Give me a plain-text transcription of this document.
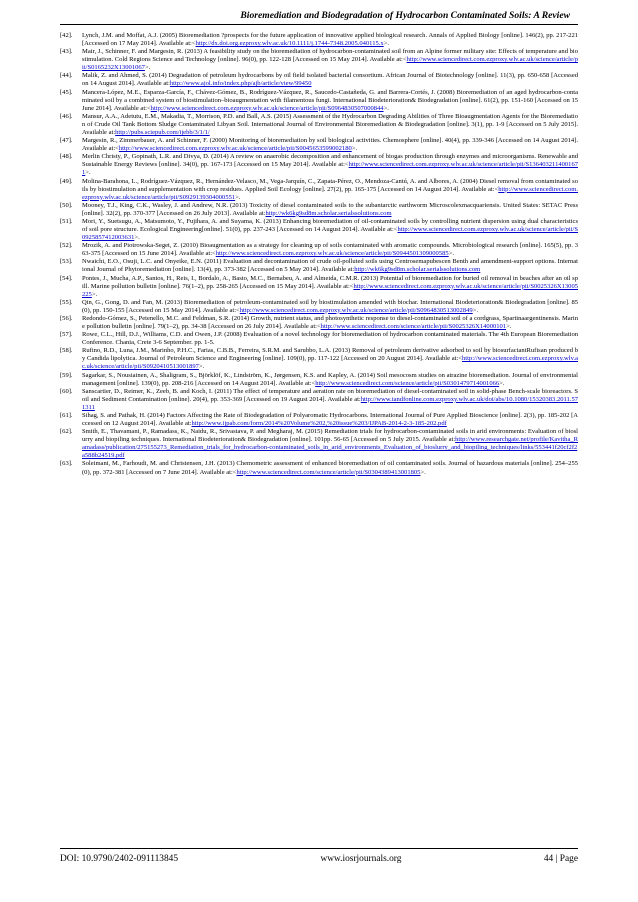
Bioremediation and Biodegradation of Hydrocarbon Contaminated Soils: A Review
[42].	Lynch, J.M. and Moffat, A.J. (2005) Bioremediation ?prospects for the future application of innovative applied biological research. Annals of Applied Biology [online]. 146(2), pp. 217-221 [Accessed on 17 May 2014]. Available at:<http://dx.doi.org.ezproxy.wlv.ac.uk/10.1111/j.1744-7348.2005.040115.x>.
[43].	Mair, J., Schinner, F. and Margesin, R. (2013) A feasibility study on the bioremediation of hydrocarbon-contaminated soil from an Alpine former military site: Effects of temperature and biostimulation. Cold Regions Science and Technology [online]. 96(0), pp. 122-128 [Accessed on 15 May 2014]. Available at:<http://www.sciencedirect.com.ezproxy.wlv.ac.uk/science/article/pii/S0165232X13001067>.
[44].	Malik, Z. and Ahmed, S. (2014) Degradation of petroleum hydrocarbons by oil field isolated bacterial consortium. African Journal of Biotechnology [online]. 11(3), pp. 650-658 [Accessed on 14 August 2014]. Available at:http://www.ajol.info/index.php/ajb/article/view/99450
[45].	Mancera-López, M.E., Esparza-García, F., Chávez-Gómez, B., Rodríguez-Vázquez, R., Saucedo-Castañeda, G. and Barrera-Cortés, J. (2008) Bioremediation of an aged hydrocarbon-contaminated soil by a combined system of biostimulation–bioaugmentation with filamentous fungi. International Biodeterioration& Biodegradation [online]. 61(2), pp. 151-160 [Accessed on 15 June 2014]. Available at:<http://www.sciencedirect.com.ezproxy.wlv.ac.uk/science/article/pii/S0964830507000844>.
[46].	Mansur, A.A., Adetutu, E.M., Makadia, T., Morrison, P.D. and Ball, A.S. (2015) Assessment of the Hydrocarbon Degrading Abilities of Three Bioaugmentation Agents for the Bioremediation of Crude Oil Tank Bottom Sludge Contaminated Libyan Soil. International Journal of Environmental Bioremediation & Biodegradation [online]. 3(1), pp. 1-9 [Accessed on 5 July 2015]. Available at:http://pubs.sciepub.com/ijebb/3/1/1/
[47].	Margesin, R., Zimmerbauer, A. and Schinner, F. (2000) Monitoring of bioremediation by soil biological activities. Chemosphere [online]. 40(4), pp. 339-346 [Accessed on 14 August 2014]. Available at:<http://www.sciencedirect.com.ezproxy.wlv.ac.uk/science/article/pii/S0045653599002180>.
[48].	Merlin Christy, P., Gopinath, L.R. and Divya, D. (2014) A review on anaerobic decomposition and enhancement of biogas production through enzymes and microorganisms. Renewable and Sustainable Energy Reviews [online]. 34(0), pp. 167-173 [Accessed on 15 May 2014]. Available at:<http://www.sciencedirect.com.ezproxy.wlv.ac.uk/science/article/pii/S1364032114001671>.
[49].	Molina-Barahona, L., Rodríguez-Vázquez, R., Hernández-Velasco, M., Vega-Jarquín, C., Zapata-Pérez, O., Mendoza-Cantú, A. and Albores, A. (2004) Diesel removal from contaminated soils by biostimulation and supplementation with crop residues. Applied Soil Ecology [online]. 27(2), pp. 165-175 [Accessed on 14 August 2014]. Available at:<http://www.sciencedirect.com.ezproxy.wlv.ac.uk/science/article/pii/S0929139304000551>.
[50].	Mooney, T.J., King, C.K., Wasley, J. and Andrew, N.R. (2013) Toxicity of diesel contaminated soils to the subantarctic earthworm Microscolexmacquariensis. United States: SETAC Press [online]. 32(2), pp. 370-377 [Accessed on 26 July 2013]. Available at:http://wk6kg9sd8m.scholar.serialssolutions.com
[51].	Mori, Y., Suetsugu, A., Matsumoto, Y., Fujihara, A. and Suyama, K. (2013) Enhancing bioremediation of oil-contaminated soils by controlling nutrient dispersion using dual characteristics of soil pore structure. Ecological Engineering[online]. 51(0), pp. 237-243 [Accessed on 14 August 2014]. Available at:<http://www.sciencedirect.com.ezproxy.wlv.ac.uk/science/article/pii/S0925857412003631>.
[52].	Mrozik, A. and Piotrowska-Seget, Z. (2010) Bioaugmentation as a strategy for cleaning up of soils contaminated with aromatic compounds. Microbiological research [online]. 165(5), pp. 363-375 [Accessed on 15 June 2014]. Available at:<http://www.sciencedirect.com.ezproxy.wlv.ac.uk/science/article/pii/S0944501309000585>.
[53].	Nwaichi, E.O., Osuji, L.C. and Onyeike, E.N. (2011) Evaluation and decontamination of crude oil-polluted soils using Centrosemapubescen Benth and amendment-support options. International Journal of Phytoremediation [online]. 13(4), pp. 373-382 [Accessed on 5 May 2014]. Available at:http://wk6kg9sd8m.scholar.serialssolutions.com
[54].	Pontes, J., Mucha, A.P., Santos, H., Reis, I., Bordalo, A., Basto, M.C., Bernabeu, A. and Almeida, C.M.R. (2013) Potential of bioremediation for buried oil removal in beaches after an oil spill. Marine pollution bulletin [online]. 76(1–2), pp. 258-265 [Accessed on 15 May 2014]. Available at:<http://www.sciencedirect.com.ezproxy.wlv.ac.uk/science/article/pii/S0025326X13005225>.
[55].	Qin, G., Gong, D. and Fan, M. (2013) Bioremediation of petroleum-contaminated soil by biostimulation amended with biochar. International Biodeterioration& Biodegradation [online]. 85(0), pp. 150-155 [Accessed on 15 May 2014]. Available at:<http://www.sciencedirect.com.ezproxy.wlv.ac.uk/science/article/pii/S0964830513002849>.
[56].	Redondo-Gómez, S., Petenello, M.C. and Feldman, S.R. (2014) Growth, nutrient status, and photosynthetic response to diesel-contaminated soil of a cordgrass, Spartinaargentinensis. Marine pollution bulletin [online]. 79(1–2), pp. 34-38 [Accessed on 26 July 2014]. Available at:<http://www.sciencedirect.com/science/article/pii/S0025326X14000101>.
[57].	Rowe, C.L., Hill, D.J., Williams, C.D. and Owen, J.P. (2008) Evaluation of a novel technology for bioremediation of hydrocarbon contaminated materials. The 4th European Bioremediation Conference. Chania, Crete 3-6 September. pp. 1-5.
[58].	Rufino, R.D., Luna, J.M., Marinho, P.H.C., Farias, C.B.B., Ferreira, S.R.M. and Sarubbo, L.A. (2013) Removal of petroleum derivative adsorbed to soil by biosurfactantRufisan produced by Candida lipolytica. Journal of Petroleum Science and Engineering [online]. 109(0), pp. 117-122 [Accessed on 20 August 2014]. Available at:<http://www.sciencedirect.com.ezproxy.wlv.ac.uk/science/article/pii/S0920410513001897>.
[59].	Sagarkar, S., Nousiainen, A., Shaligram, S., Björklöf, K., Lindström, K., Jørgensen, K.S. and Kapley, A. (2014) Soil mesocosm studies on atrazine bioremediation. Journal of environmental management [online]. 139(0), pp. 208-216 [Accessed on 14 August 2014]. Available at:<http://www.sciencedirect.com/science/article/pii/S0301479714001066>.
[60].	Sanscartier, D., Reimer, K., Zeeb, B. and Koch, I. (2011) The effect of temperature and aeration rate on bioremediation of diesel-contaminated soil in solid-phase Bench-scale bioreactors. Soil and Sediment Contamination [online]. 20(4), pp. 353-369 [Accessed on 19 August 2014]. Available at:http://www.tandfonline.com.ezproxy.wlv.ac.uk/doi/abs/10.1080/15320383.2011.571311
[61].	Sihag, S. and Pathak, H. (2014) Factors Affecting the Rate of Biodegradation of Polyaromatic Hydrocarbons. International Journal of Pure Applied Bioscience [online]. 2(3), pp. 185-202 [Accessed on 12 August 2014]. Available at:http://www.ijpab.com/form/2014%20Volume%202,%20issue%203/IJPAB-2014-2-3-185-202.pdf
[62].	Smith, E., Thavamani, P., Ramadass, K., Naidu, R., Srivastava, P. and Megharaj, M. (2015) Remediation trials for hydrocarbon-contaminated soils in arid environments: Evaluation of bioslurry and biopiling techniques. International Biodeterioration& Biodegradation [online]. 101pp. 56-65 [Accessed on 5 July 2015. Available at:http://www.researchgate.net/profile/Kavitha_Ramadass/publication/275155273_Remediation_trials_for_hydrocarbon-contaminated_soils_in_arid_environments_Evaluation_of_bioslurry_and_biopiling_techniques/links/553441f20cf2f2a588b24519.pdf
[63].	Soleimani, M., Farhoudi, M. and Christensen, J.H. (2013) Chemometric assessment of enhanced bioremediation of oil contaminated soils. Journal of hazardous materials [online]. 254–255(0), pp. 372-381 [Accessed on 7 June 2014]. Available at:<http://www.sciencedirect.com/science/article/pii/S0304389413001805>.
DOI: 10.9790/2402-091113845	www.iosrjournals.org	44 | Page
